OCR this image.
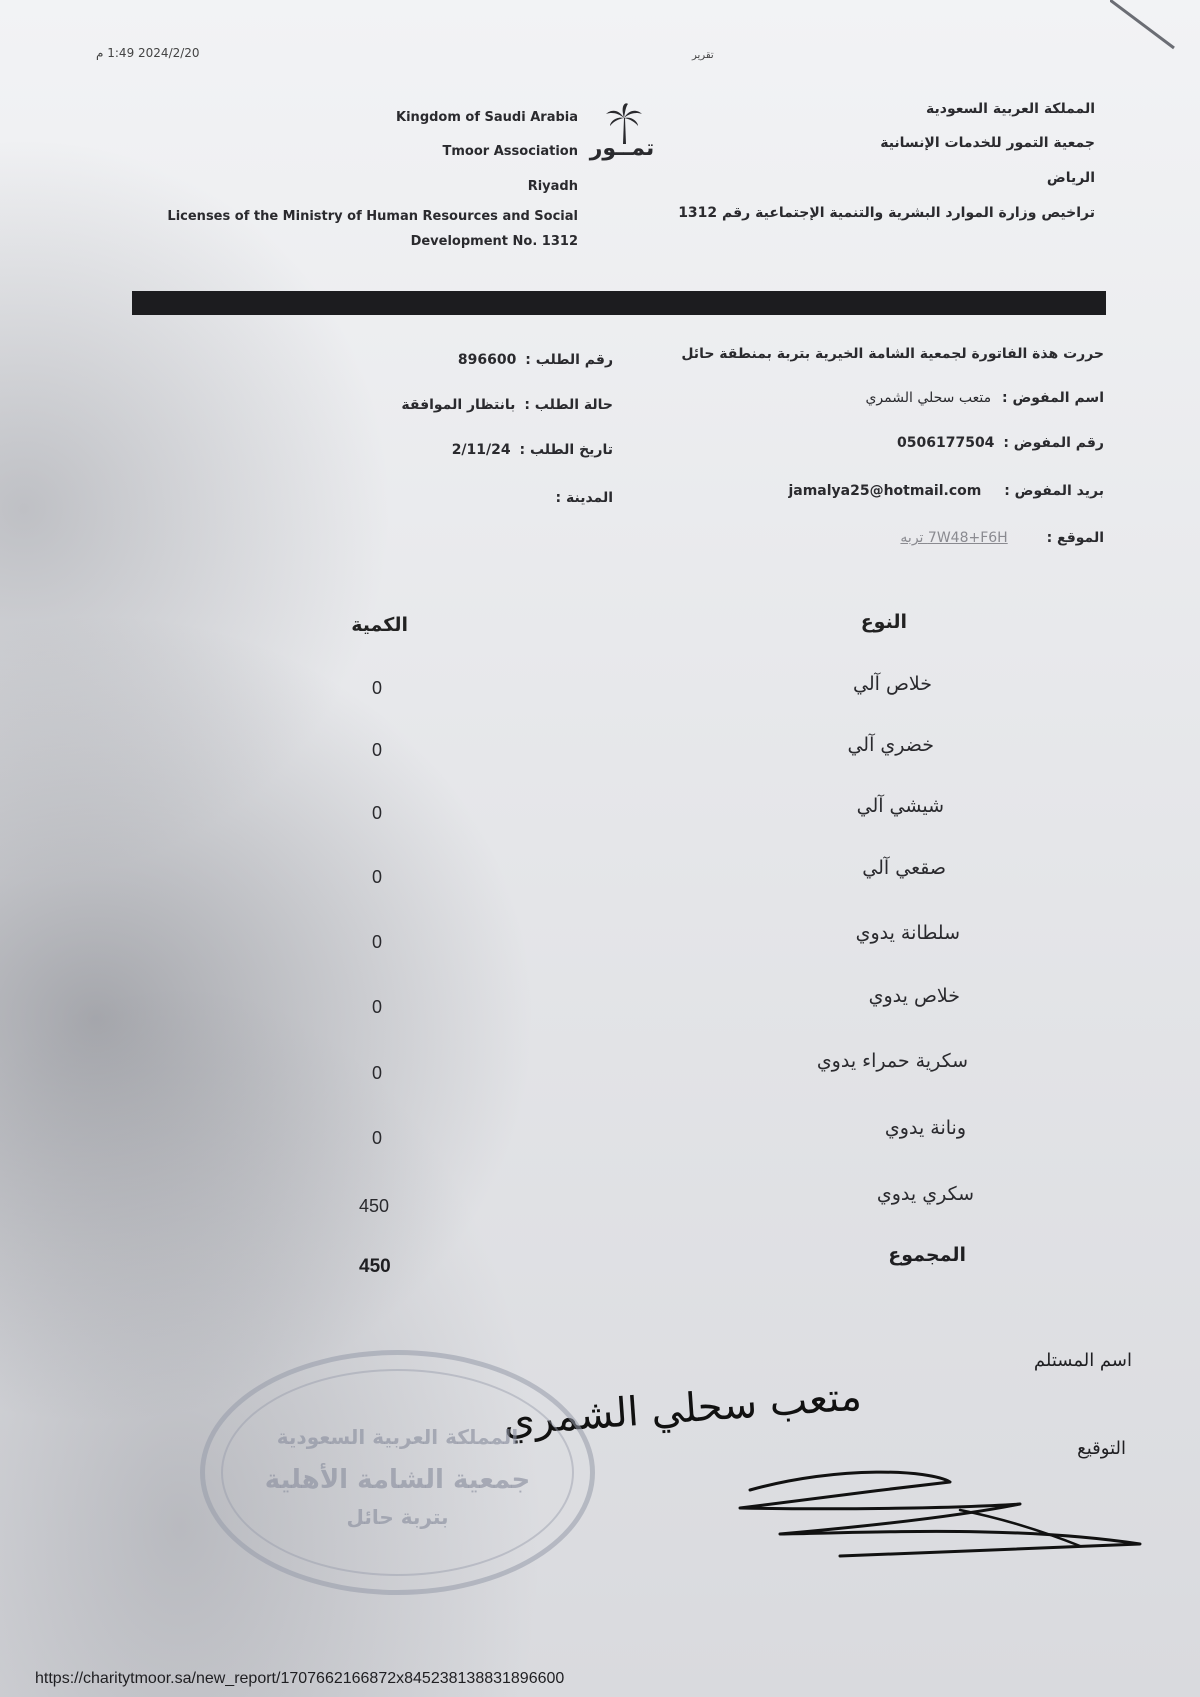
2024/2/20 1:49 م	تقرير
Kingdom of Saudi Arabia
Tmoor Association
Riyadh
Licenses of the Ministry of Human Resources and Social
Development No. 1312
تمــور
المملكة العربية السعودية
جمعية التمور للخدمات الإنسانية
الرياض
تراخيص وزارة الموارد البشرية والتنمية الإجتماعية رقم 1312
حررت هذة الفاتورة لجمعية الشامة الخيرية بتربة بمنطقة حائل
اسم المفوض : متعب سحلي الشمري
رقم المفوض : 0506177504
بريد المفوض : jamalya25@hotmail.com
الموقع : 7W48+F6H تربه
رقم الطلب : 896600
حالة الطلب : بانتظار الموافقة
تاريخ الطلب : 2/11/24
المدينة :
النوع
الكمية
خلاص آلي
0
خضري آلي
0
شيشي آلي
0
صقعي آلي
0
سلطانة يدوي
0
خلاص يدوي
0
سكرية حمراء يدوي
0
ونانة يدوي
0
سكري يدوي
450
المجموع
450
اسم المستلم
متعب سحلي الشمري
التوقيع
المملكة العربية السعودية
جمعية الشامة الأهلية
بتربة حائل
https://charitytmoor.sa/new_report/1707662166872x845238138831896600
